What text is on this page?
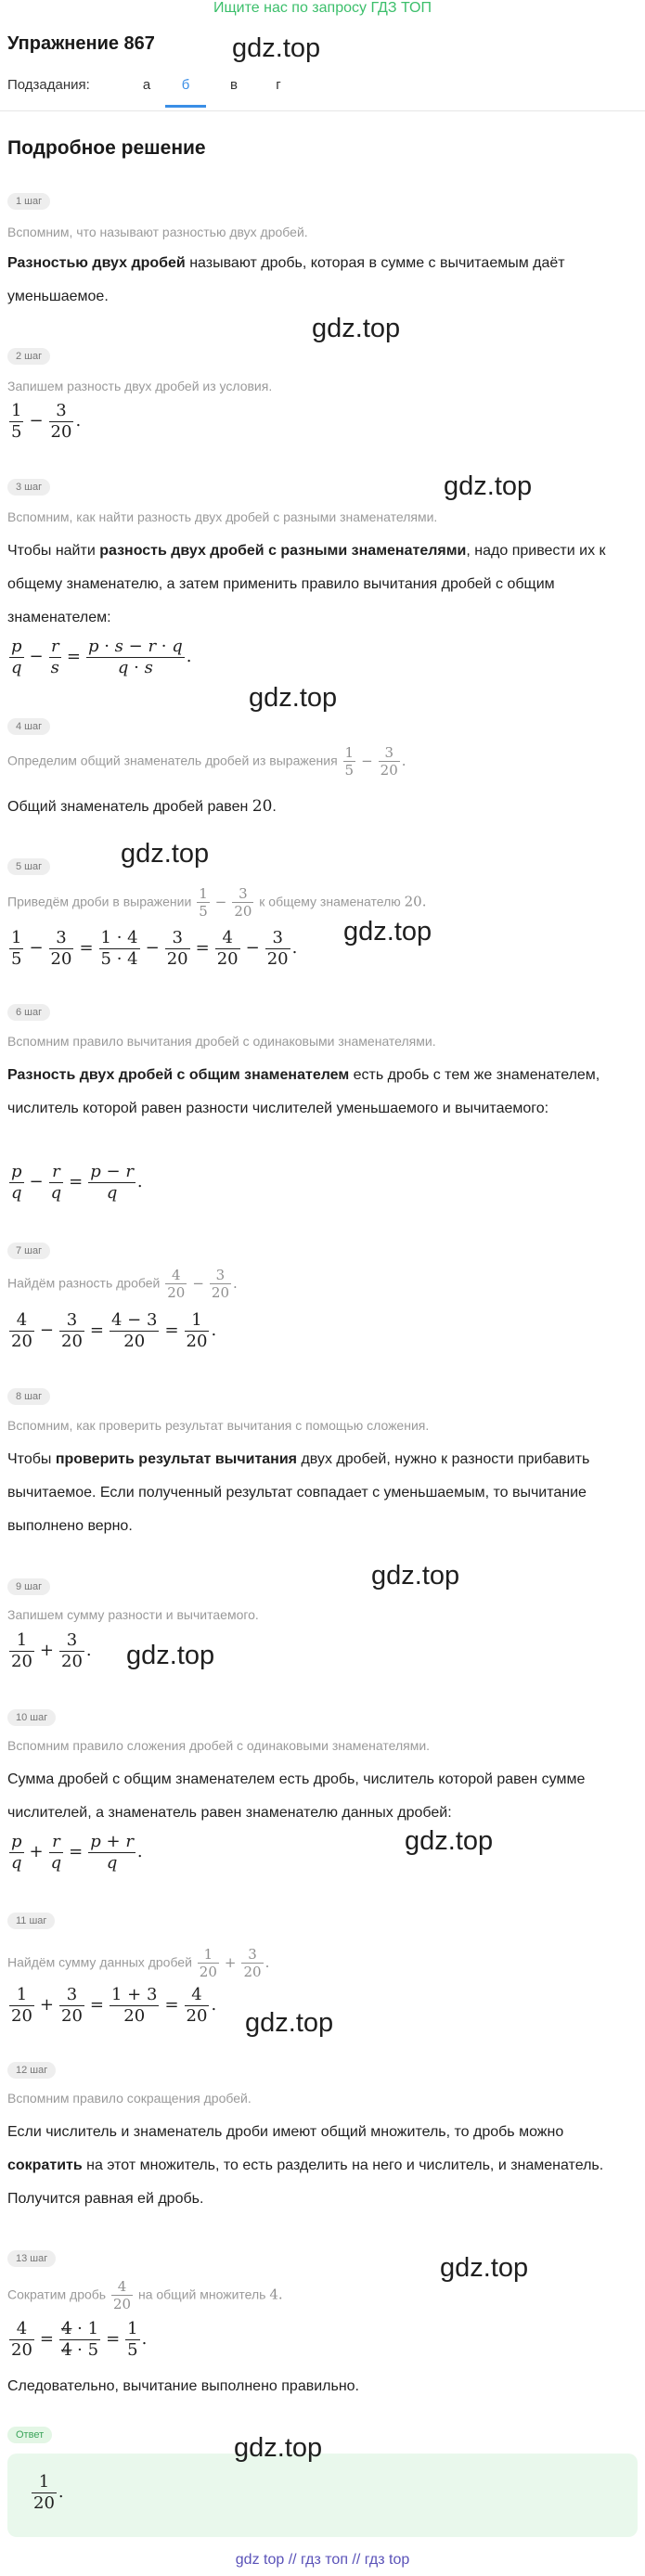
Ищите нас по запросу ГДЗ ТОП
Упражнение 867	gdz.top
Подзадания:	а	б	в	г
Подробное решение
1 шаг
Вспомним, что называют разностью двух дробей.
Разностью двух дробей называют дробь, которая в сумме с вычитаемым даёт уменьшаемое.
gdz.top
2 шаг
Запишем разность двух дробей из условия.
$\frac{1}{5} - \frac{3}{20}$ .
3 шаг	gdz.top
Вспомним, как найти разность двух дробей с разными знаменателями.
Чтобы найти разность двух дробей с разными знаменателями, надо привести их к общему знаменателю, а затем применить правило вычитания дробей с общим знаменателем:
$\frac{p}{q} - \frac{r}{s} = \frac{p \cdot s - r \cdot q}{q \cdot s}$ .
gdz.top
4 шаг
Определим общий знаменатель дробей из выражения $\frac{1}{5} - \frac{3}{20}$ .
Общий знаменатель дробей равен 20.
gdz.top
5 шаг
Приведём дроби в выражении $\frac{1}{5} - \frac{3}{20}$ к общему знаменателю 20.
gdz.top
$\frac{1}{5} - \frac{3}{20} = \frac{1 \cdot 4}{5 \cdot 4} - \frac{3}{20} = \frac{4}{20} - \frac{3}{20}$ .
6 шаг
Вспомним правило вычитания дробей с одинаковыми знаменателями.
Разность двух дробей с общим знаменателем есть дробь с тем же знаменателем, числитель которой равен разности числителей уменьшаемого и вычитаемого:
$\frac{p}{q} - \frac{r}{q} = \frac{p - r}{q}$ .
7 шаг
Найдём разность дробей $\frac{4}{20} - \frac{3}{20}$ .
$\frac{4}{20} - \frac{3}{20} = \frac{4 - 3}{20} = \frac{1}{20}$ .
8 шаг
Вспомним, как проверить результат вычитания с помощью сложения.
Чтобы проверить результат вычитания двух дробей, нужно к разности прибавить вычитаемое. Если полученный результат совпадает с уменьшаемым, то вычитание выполнено верно.
gdz.top
9 шаг
Запишем сумму разности и вычитаемого.
$\frac{1}{20} + \frac{3}{20}$ . gdz.top
10 шаг
Вспомним правило сложения дробей с одинаковыми знаменателями.
Сумма дробей с общим знаменателем есть дробь, числитель которой равен сумме числителей, а знаменатель равен знаменателю данных дробей:
$\frac{p}{q} + \frac{r}{q} = \frac{p + r}{q}$ .	gdz.top
11 шаг
Найдём сумму данных дробей $\frac{1}{20} + \frac{3}{20}$ .
$\frac{1}{20} + \frac{3}{20} = \frac{1 + 3}{20} = \frac{4}{20}$ .
gdz.top
12 шаг
Вспомним правило сокращения дробей.
Если числитель и знаменатель дроби имеют общий множитель, то дробь можно сократить на этот множитель, то есть разделить на него и числитель, и знаменатель. Получится равная ей дробь.
13 шаг	gdz.top
Сократим дробь $\frac{4}{20}$ на общий множитель 4.
$\frac{4}{20} = \frac{4 \cdot 1}{4 \cdot 5} = \frac{1}{5}$ .
Следовательно, вычитание выполнено правильно.
Ответ
$\frac{1}{20}$ .
gdz.top
gdz top // гдз топ // гдз top
